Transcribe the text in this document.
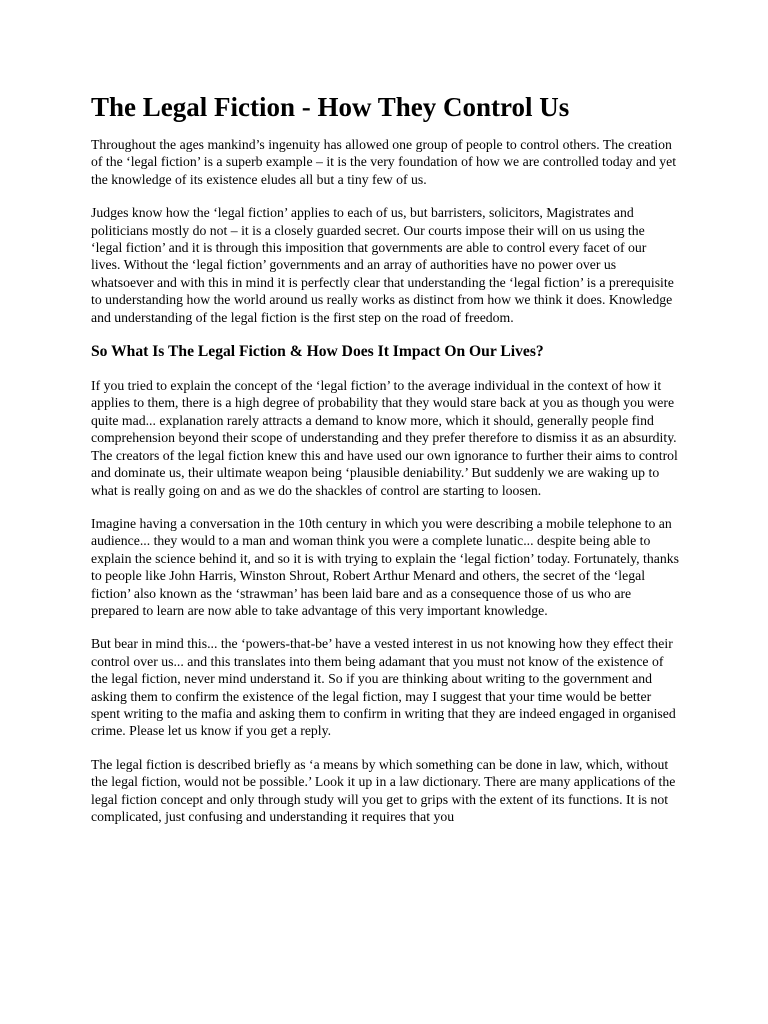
The Legal Fiction - How They Control Us

Throughout the ages mankind’s ingenuity has allowed one group of people to control others. The creation of the ‘legal fiction’ is a superb example – it is the very foundation of how we are controlled today and yet the knowledge of its existence eludes all but a tiny few of us.

Judges know how the ‘legal fiction’ applies to each of us, but barristers, solicitors, Magistrates and politicians mostly do not – it is a closely guarded secret. Our courts impose their will on us using the ‘legal fiction’ and it is through this imposition that governments are able to control every facet of our lives. Without the ‘legal fiction’ governments and an array of authorities have no power over us whatsoever and with this in mind it is perfectly clear that understanding the ‘legal fiction’ is a prerequisite to understanding how the world around us really works as distinct from how we think it does. Knowledge and understanding of the legal fiction is the first step on the road of freedom.

So What Is The Legal Fiction & How Does It Impact On Our Lives?

If you tried to explain the concept of the ‘legal fiction’ to the average individual in the context of how it applies to them, there is a high degree of probability that they would stare back at you as though you were quite mad... explanation rarely attracts a demand to know more, which it should, generally people find comprehension beyond their scope of understanding and they prefer therefore to dismiss it as an absurdity. The creators of the legal fiction knew this and have used our own ignorance to further their aims to control and dominate us, their ultimate weapon being ‘plausible deniability.’ But suddenly we are waking up to what is really going on and as we do the shackles of control are starting to loosen.

Imagine having a conversation in the 10th century in which you were describing a mobile telephone to an audience... they would to a man and woman think you were a complete lunatic... despite being able to explain the science behind it, and so it is with trying to explain the ‘legal fiction’ today. Fortunately, thanks to people like John Harris, Winston Shrout, Robert Arthur Menard and others, the secret of the ‘legal fiction’ also known as the ‘strawman’ has been laid bare and as a consequence those of us who are prepared to learn are now able to take advantage of this very important knowledge.

But bear in mind this... the ‘powers-that-be’ have a vested interest in us not knowing how they effect their control over us... and this translates into them being adamant that you must not know of the existence of the legal fiction, never mind understand it. So if you are thinking about writing to the government and asking them to confirm the existence of the legal fiction, may I suggest that your time would be better spent writing to the mafia and asking them to confirm in writing that they are indeed engaged in organised crime. Please let us know if you get a reply.

The legal fiction is described briefly as ‘a means by which something can be done in law, which, without the legal fiction, would not be possible.’ Look it up in a law dictionary. There are many applications of the legal fiction concept and only through study will you get to grips with the extent of its functions. It is not complicated, just confusing and understanding it requires that you
